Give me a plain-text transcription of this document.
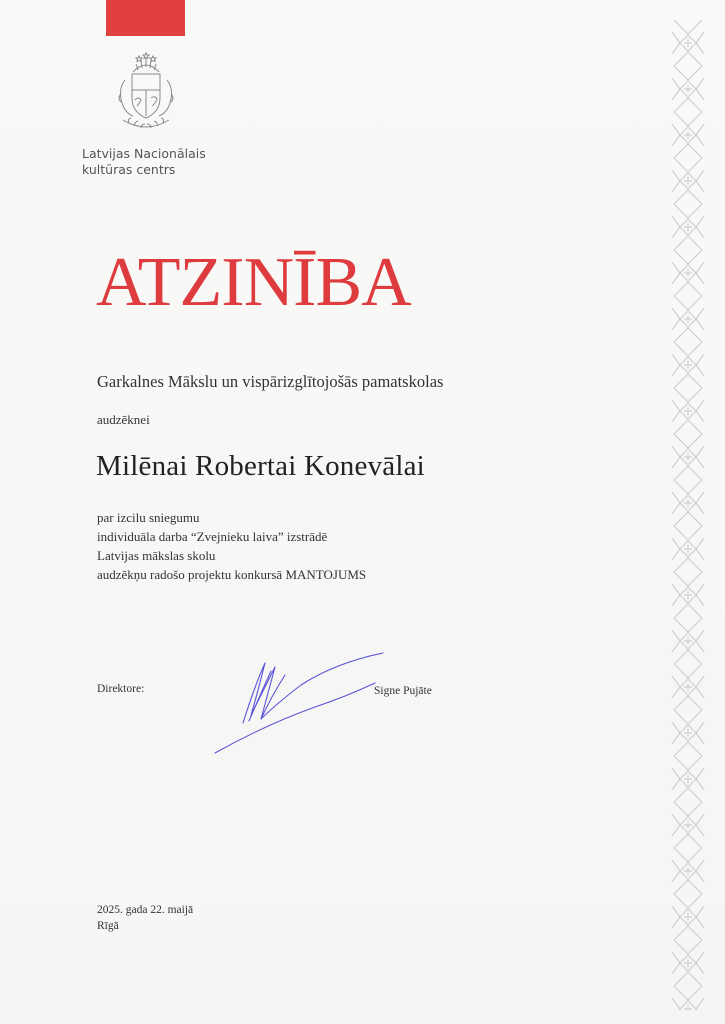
Latvijas Nacionālais
kultūras centrs
ATZINĪBA
Garkalnes Mākslu un vispārizglītojošās pamatskolas
audzēknei
Milēnai Robertai Konevālai
par izcilu sniegumu
individuāla darba “Zvejnieku laiva” izstrādē
Latvijas mākslas skolu
audzēkņu radošo projektu konkursā MANTOJUMS
Direktore:	Signe Pujāte
2025. gada 22. maijā
Rīgā
